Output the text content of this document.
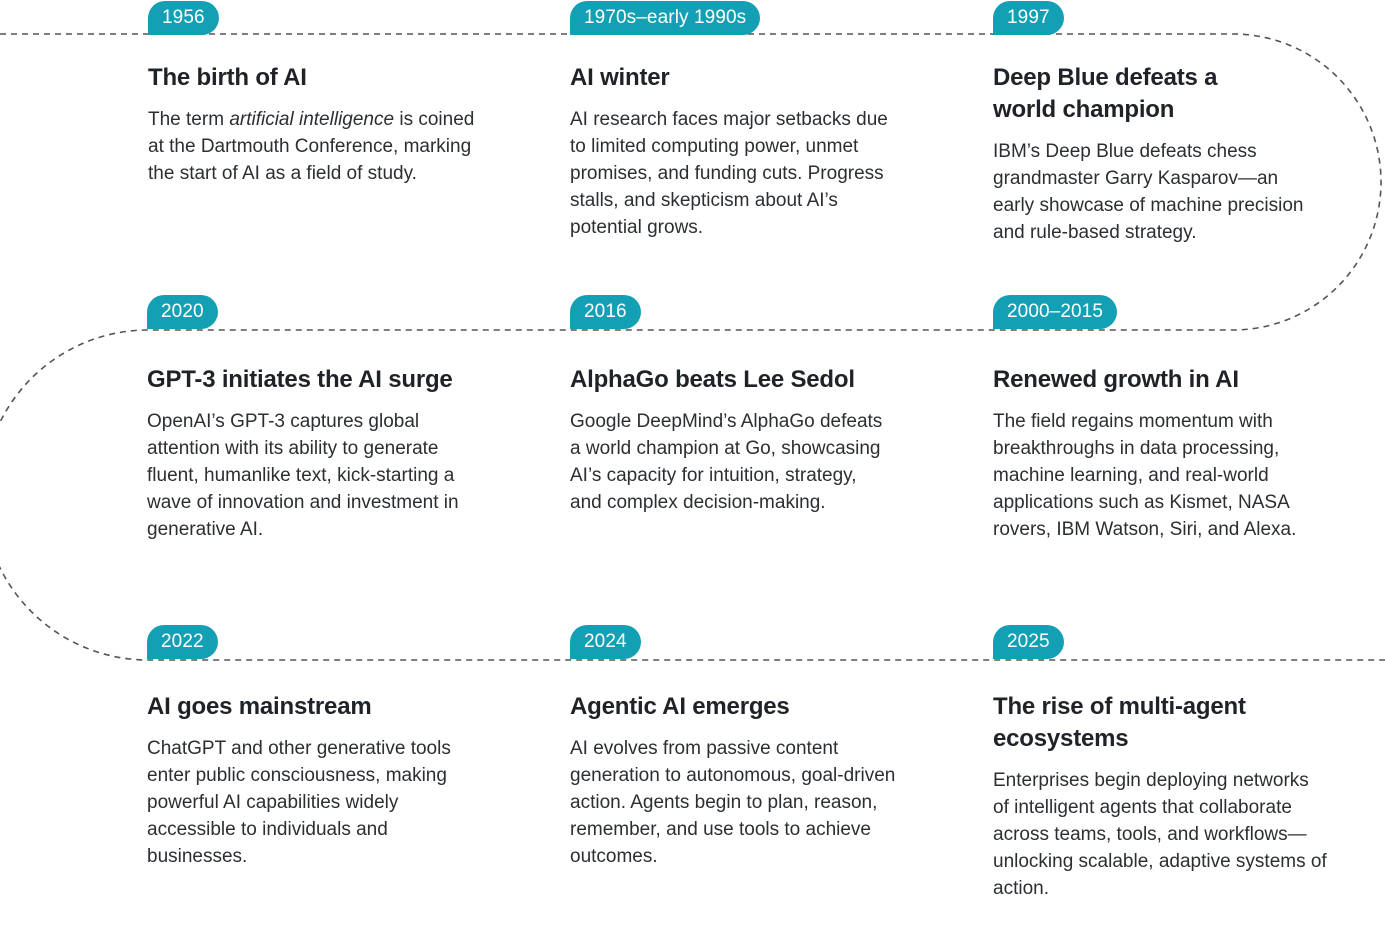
1956
The birth of AI
The term artificial intelligence is coined at the Dartmouth Conference, marking the start of AI as a field of study.
1970s–early 1990s
AI winter
AI research faces major setbacks due to limited computing power, unmet promises, and funding cuts. Progress stalls, and skepticism about AI’s potential grows.
1997
Deep Blue defeats a world champion
IBM’s Deep Blue defeats chess grandmaster Garry Kasparov—an early showcase of machine precision and rule-based strategy.
2020
GPT-3 initiates the AI surge
OpenAI’s GPT-3 captures global attention with its ability to generate fluent, humanlike text, kick-starting a wave of innovation and investment in generative AI.
2016
AlphaGo beats Lee Sedol
Google DeepMind’s AlphaGo defeats a world champion at Go, showcasing AI’s capacity for intuition, strategy, and complex decision-making.
2000–2015
Renewed growth in AI
The field regains momentum with breakthroughs in data processing, machine learning, and real-world applications such as Kismet, NASA rovers, IBM Watson, Siri, and Alexa.
2022
AI goes mainstream
ChatGPT and other generative tools enter public consciousness, making powerful AI capabilities widely accessible to individuals and businesses.
2024
Agentic AI emerges
AI evolves from passive content generation to autonomous, goal-driven action. Agents begin to plan, reason, remember, and use tools to achieve outcomes.
2025
The rise of multi-agent ecosystems
Enterprises begin deploying networks of intelligent agents that collaborate across teams, tools, and workflows—unlocking scalable, adaptive systems of action.
